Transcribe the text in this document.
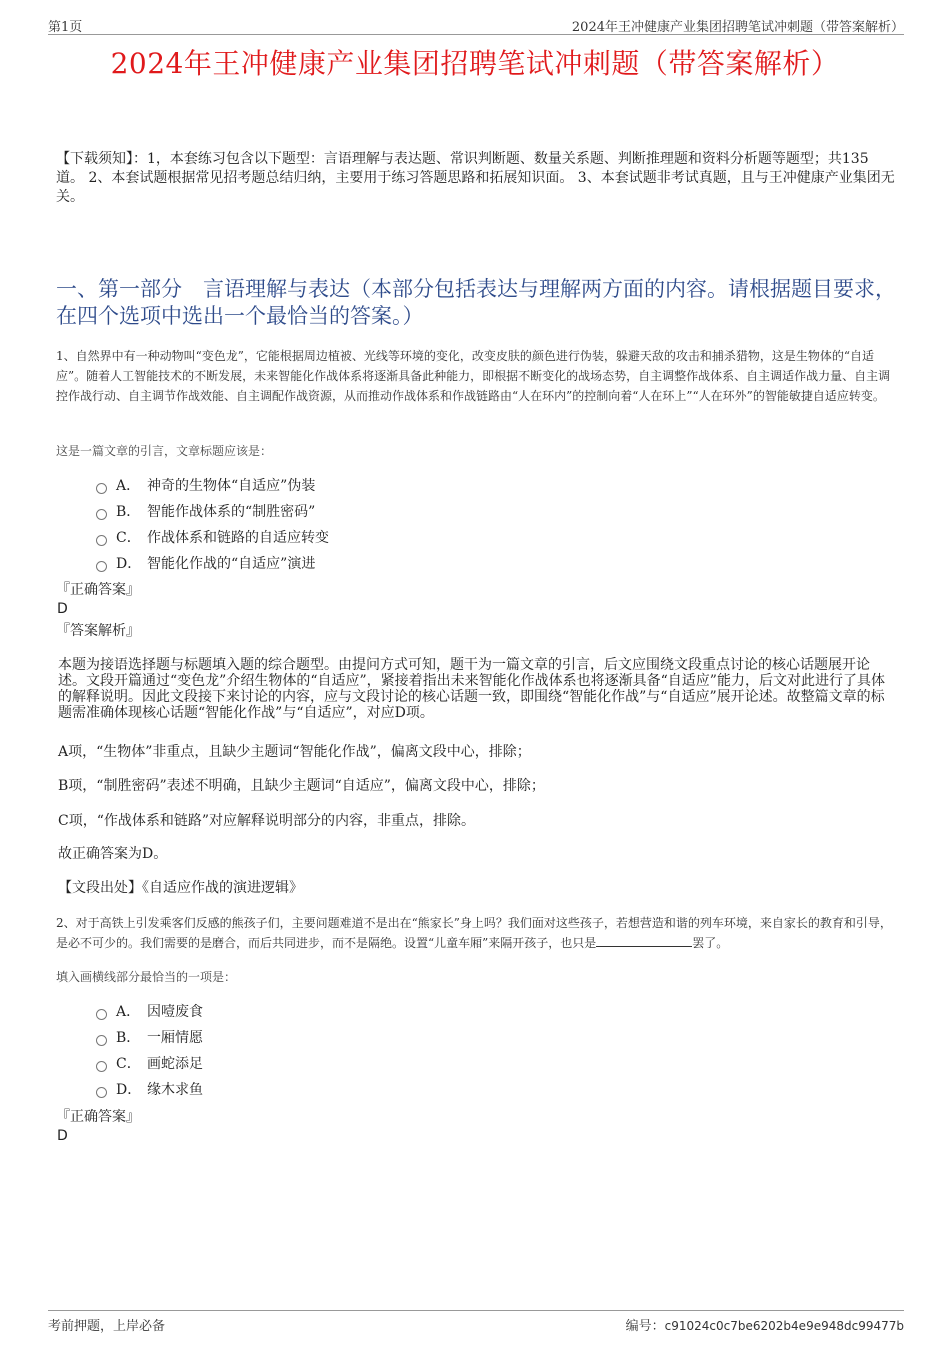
第1页	2024年王冲健康产业集团招聘笔试冲刺题（带答案解析）
2024年王冲健康产业集团招聘笔试冲刺题（带答案解析）
【下载须知】：1，本套练习包含以下题型：言语理解与表达题、常识判断题、数量关系题、判断推理题和资料分析题等题型；共135道。 2、本套试题根据常见招考题总结归纳，主要用于练习答题思路和拓展知识面。 3、本套试题非考试真题，且与王冲健康产业集团无关。
一、第一部分　言语理解与表达（本部分包括表达与理解两方面的内容。请根据题目要求，在四个选项中选出一个最恰当的答案。）
1、自然界中有一种动物叫“变色龙”，它能根据周边植被、光线等环境的变化，改变皮肤的颜色进行伪装，躲避天敌的攻击和捕杀猎物，这是生物体的“自适应”。随着人工智能技术的不断发展，未来智能化作战体系将逐渐具备此种能力，即根据不断变化的战场态势，自主调整作战体系、自主调适作战力量、自主调控作战行动、自主调节作战效能、自主调配作战资源，从而推动作战体系和作战链路由“人在环内”的控制向着“人在环上”“人在环外”的智能敏捷自适应转变。
这是一篇文章的引言，文章标题应该是：
A． 神奇的生物体“自适应”伪装
B． 智能作战体系的“制胜密码”
C． 作战体系和链路的自适应转变
D． 智能化作战的“自适应”演进
『正确答案』
D
『答案解析』
本题为接语选择题与标题填入题的综合题型。由提问方式可知，题干为一篇文章的引言，后文应围绕文段重点讨论的核心话题展开论述。文段开篇通过“变色龙”介绍生物体的“自适应”，紧接着指出未来智能化作战体系也将逐渐具备“自适应”能力，后文对此进行了具体的解释说明。因此文段接下来讨论的内容，应与文段讨论的核心话题一致，即围绕“智能化作战”与“自适应”展开论述。故整篇文章的标题需准确体现核心话题“智能化作战”与“自适应”，对应D项。
A项，“生物体”非重点，且缺少主题词“智能化作战”，偏离文段中心，排除；
B项，“制胜密码”表述不明确，且缺少主题词“自适应”，偏离文段中心，排除；
C项，“作战体系和链路”对应解释说明部分的内容，非重点，排除。
故正确答案为D。
【文段出处】《自适应作战的演进逻辑》
2、对于高铁上引发乘客们反感的熊孩子们，主要问题难道不是出在“熊家长”身上吗？我们面对这些孩子，若想营造和谐的列车环境，来自家长的教育和引导，是必不可少的。我们需要的是磨合，而后共同进步，而不是隔绝。设置“儿童车厢”来隔开孩子，也只是	罢了。
填入画横线部分最恰当的一项是：
A． 因噎废食
B． 一厢情愿
C． 画蛇添足
D． 缘木求鱼
『正确答案』
D
考前押题，上岸必备	编号：c91024c0c7be6202b4e9e948dc99477b
